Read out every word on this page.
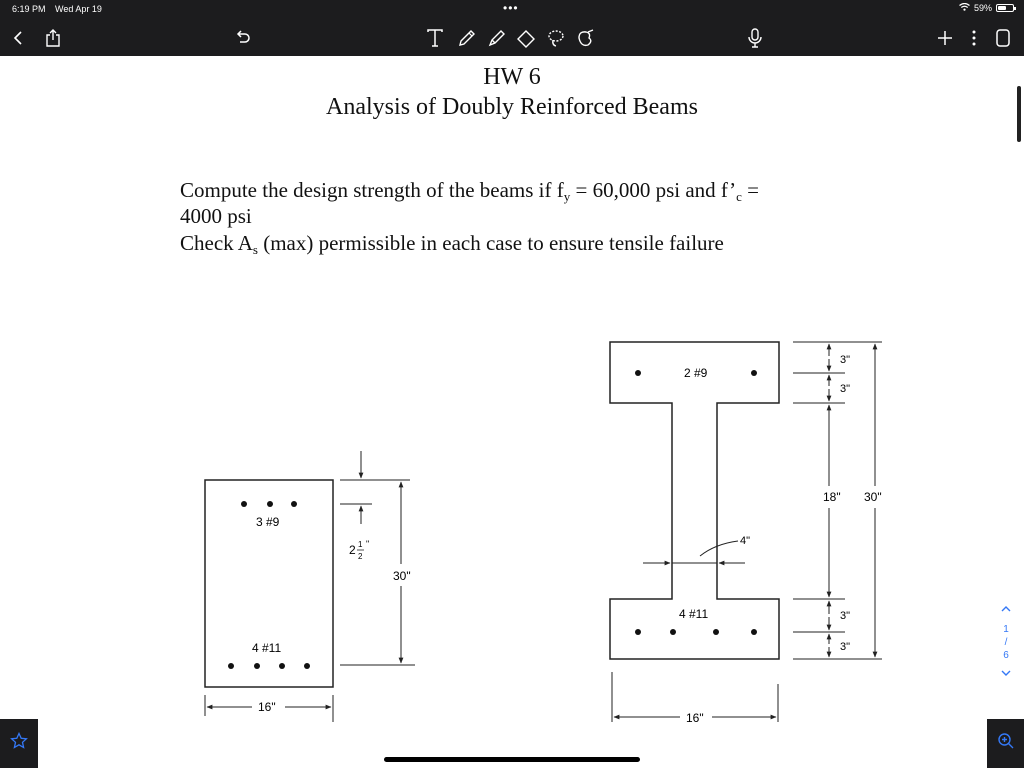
6:19 PM Wed Apr 19	•••	59%
HW 6
Analysis of Doubly Reinforced Beams
Compute the design strength of the beams if $f_y = 60,000$ psi and $f’_c$ =
4000 psi
Check $A_s$ (max) permissible in each case to ensure tensile failure
3 #9
4 #11
2 1
2
"
30"
16"
2 #9
4 #11
4"
3"
3"
18" 30"
3"
3"
16"
1
/
6
